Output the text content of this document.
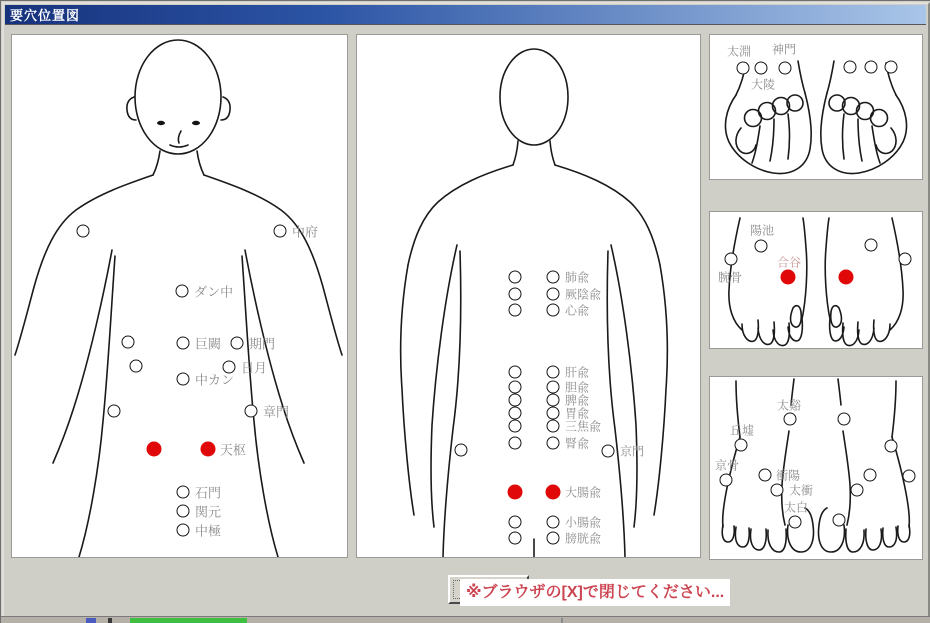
要穴位置図
中府
ダン中
巨闕 期門
日月
中カン
章門
天枢
石門
関元
中極
肺兪
厥陰兪
心兪
肝兪
胆兪
脾兪
胃兪
三焦兪
腎兪
京門
大腸兪
小腸兪
膀胱兪
太淵 神門
大陵
陽池
腕骨
合谷
太谿
丘墟
京骨
衝陽
太衝
太白
※ブラウザの[X]で閉じてください...
